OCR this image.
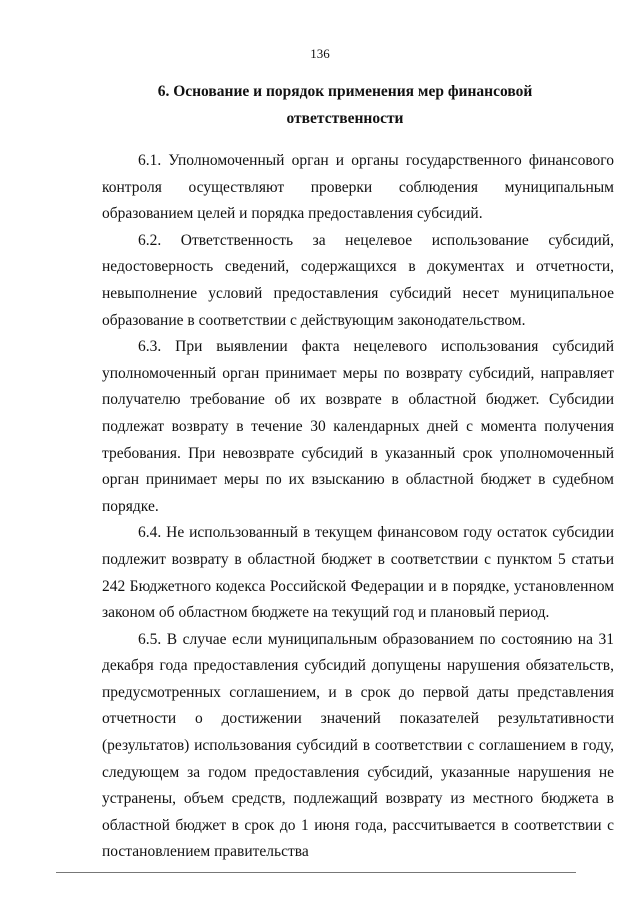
136
6. Основание и порядок применения мер финансовой
ответственности

6.1. Уполномоченный орган и органы государственного финансового контроля осуществляют проверки соблюдения муниципальным образованием целей и порядка предоставления субсидий.

6.2. Ответственность за нецелевое использование субсидий, недостоверность сведений, содержащихся в документах и отчетности, невыполнение условий предоставления субсидий несет муниципальное образование в соответствии с действующим законодательством.

6.3. При выявлении факта нецелевого использования субсидий уполномоченный орган принимает меры по возврату субсидий, направляет получателю требование об их возврате в областной бюджет. Субсидии подлежат возврату в течение 30 календарных дней с момента получения требования. При невозврате субсидий в указанный срок уполномоченный орган принимает меры по их взысканию в областной бюджет в судебном порядке.

6.4. Не использованный в текущем финансовом году остаток субсидии подлежит возврату в областной бюджет в соответствии с пунктом 5 статьи 242 Бюджетного кодекса Российской Федерации и в порядке, установленном законом об областном бюджете на текущий год и плановый период.

6.5. В случае если муниципальным образованием по состоянию на 31 декабря года предоставления субсидий допущены нарушения обязательств, предусмотренных соглашением, и в срок до первой даты представления отчетности о достижении значений показателей результативности (результатов) использования субсидий в соответствии с соглашением в году, следующем за годом предоставления субсидий, указанные нарушения не устранены, объем средств, подлежащий возврату из местного бюджета в областной бюджет в срок до 1 июня года, рассчитывается в соответствии с постановлением правительства
